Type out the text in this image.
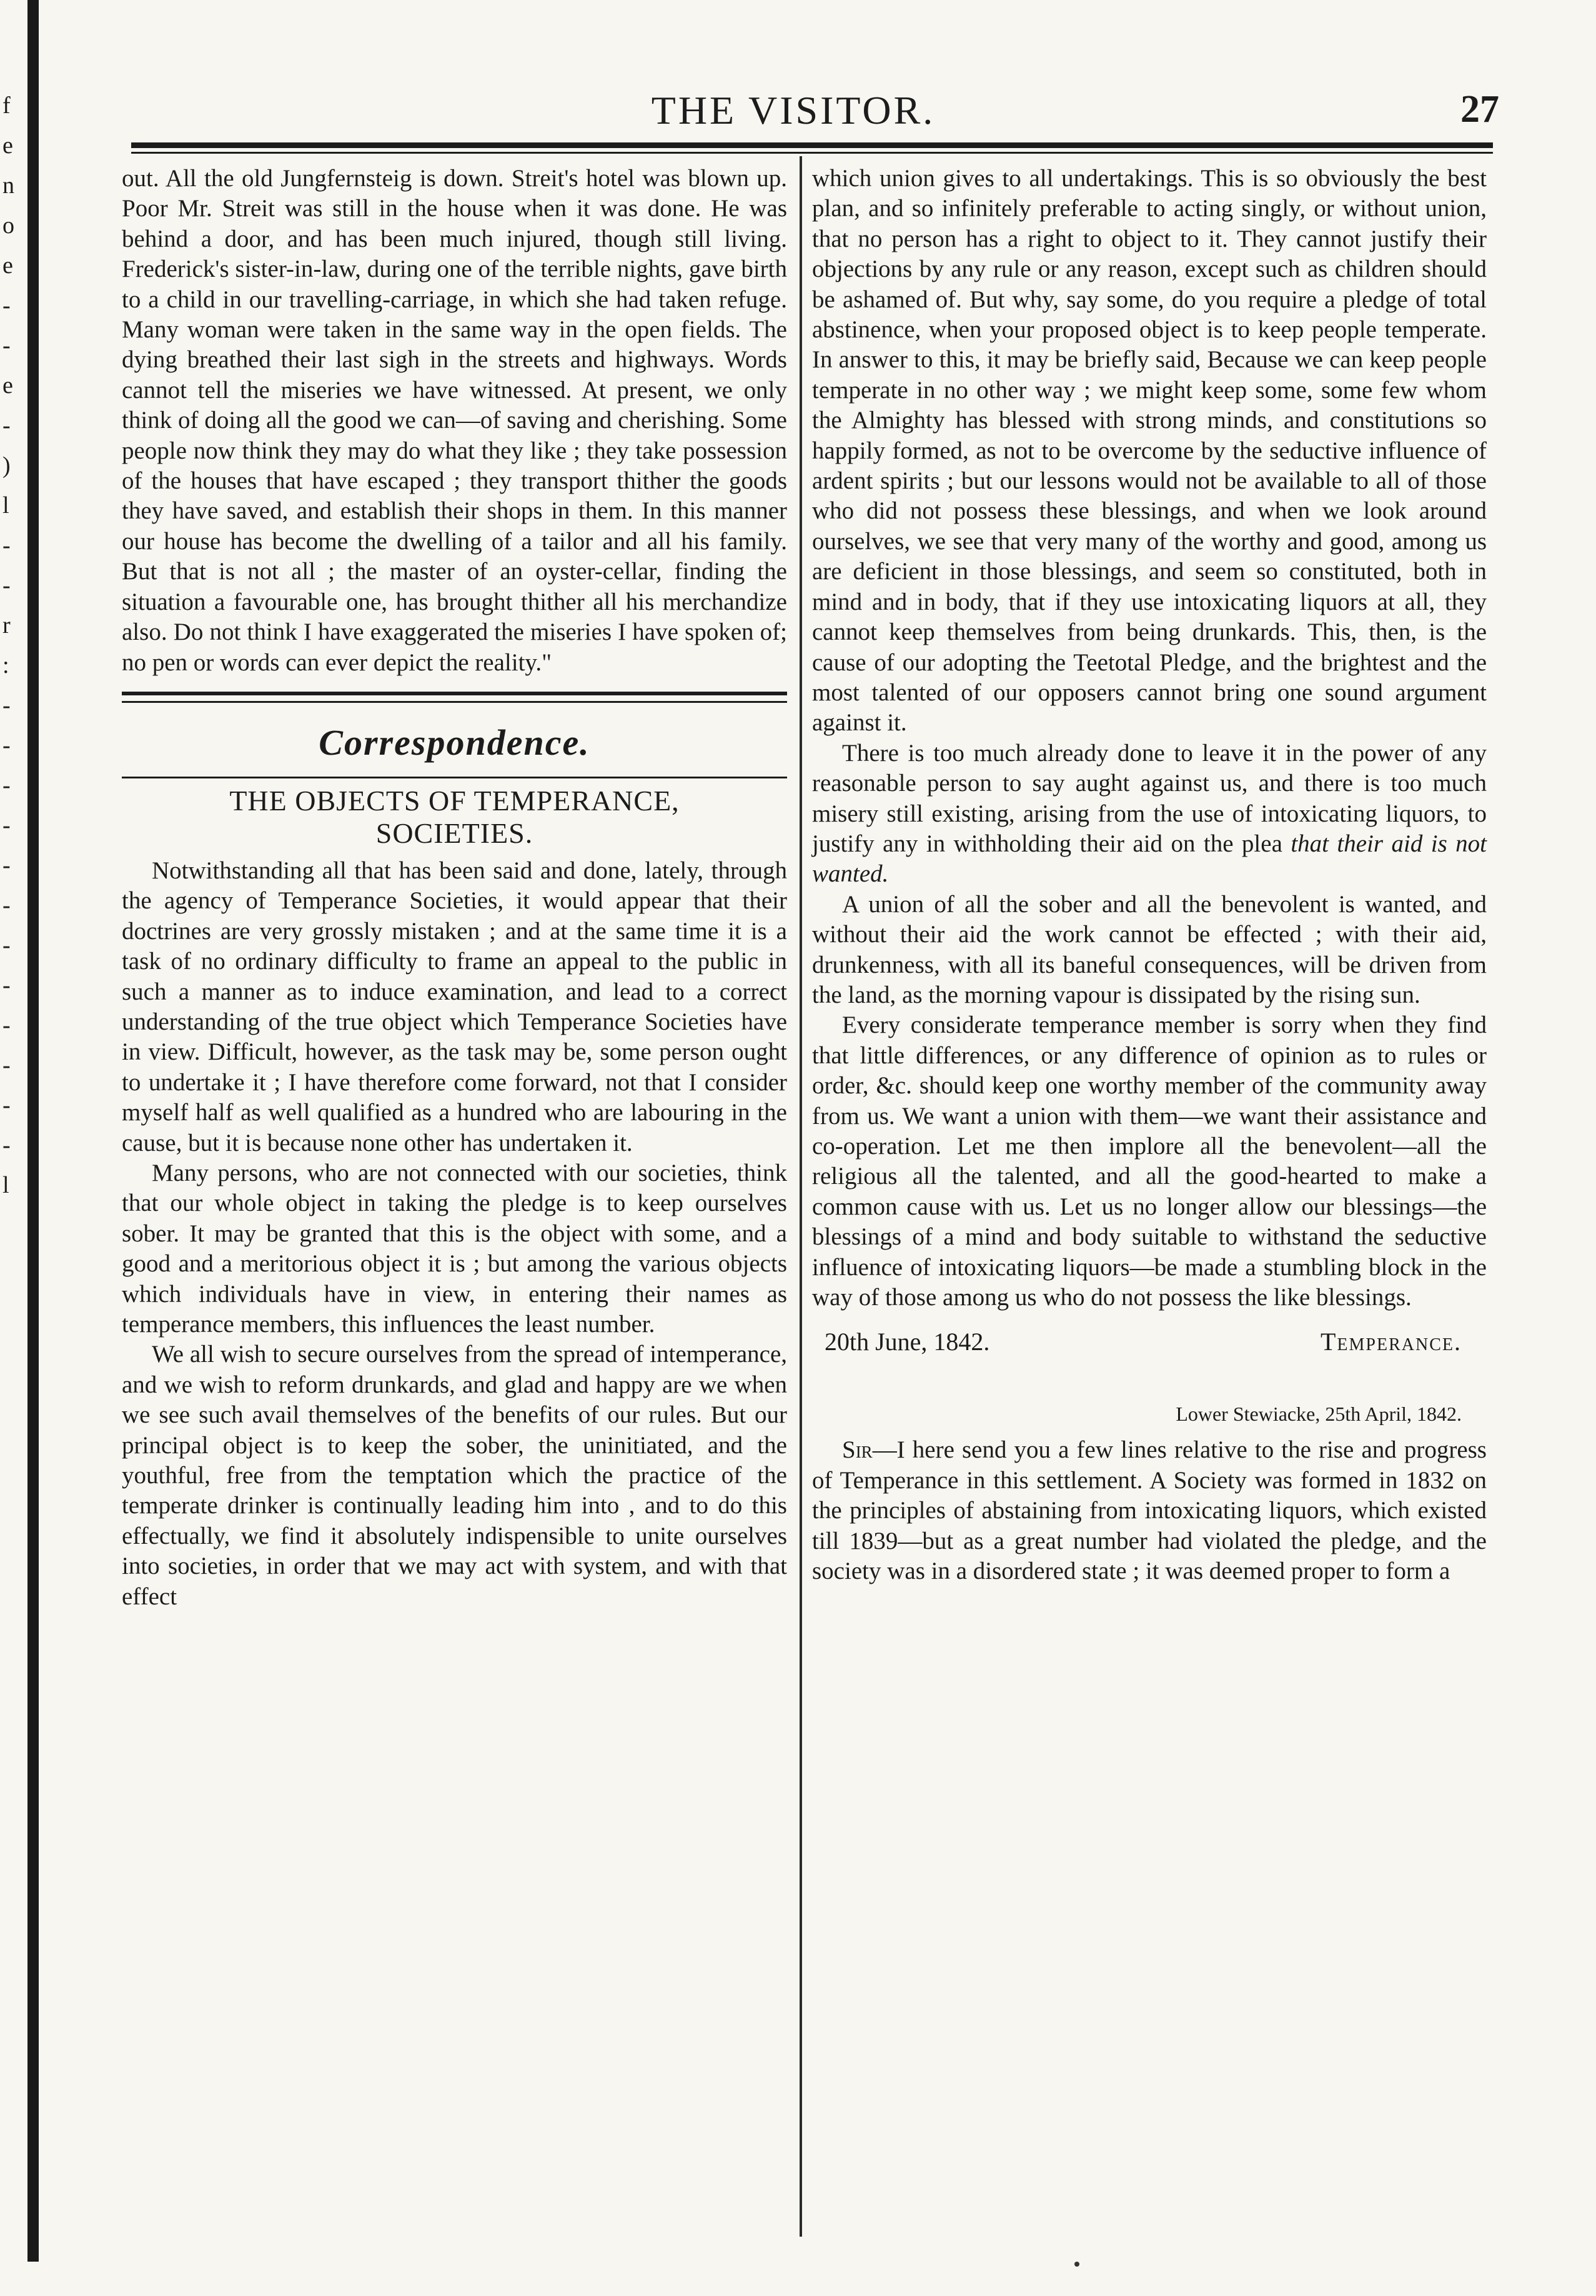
f
e
n
o
e
-
-
e
-
)
l
-
-
r
:
-
-
-
-
-
-
-
-
-
-
-
-
l
THE VISITOR.	27

out. All the old Jungfernsteig is down. Streit's hotel was blown up. Poor Mr. Streit was still in the house when it was done. He was behind a door, and has been much injured, though still living. Frederick's sister-in-law, during one of the terrible nights, gave birth to a child in our travelling-carriage, in which she had taken refuge. Many woman were taken in the same way in the open fields. The dying breathed their last sigh in the streets and highways. Words cannot tell the miseries we have witnessed. At present, we only think of doing all the good we can—of saving and cherishing. Some people now think they may do what they like ; they take possession of the houses that have escaped ; they transport thither the goods they have saved, and establish their shops in them. In this manner our house has become the dwelling of a tailor and all his family. But that is not all ; the master of an oyster-cellar, finding the situation a favourable one, has brought thither all his merchandize also. Do not think I have exaggerated the miseries I have spoken of; no pen or words can ever depict the reality."

Correspondence.
THE OBJECTS OF TEMPERANCE,
SOCIETIES.

Notwithstanding all that has been said and done, lately, through the agency of Temperance Societies, it would appear that their doctrines are very grossly mistaken ; and at the same time it is a task of no ordinary difficulty to frame an appeal to the public in such a manner as to induce examination, and lead to a correct understanding of the true object which Temperance Societies have in view. Difficult, however, as the task may be, some person ought to undertake it ; I have therefore come forward, not that I consider myself half as well qualified as a hundred who are labouring in the cause, but it is because none other has undertaken it.

Many persons, who are not connected with our societies, think that our whole object in taking the pledge is to keep ourselves sober. It may be granted that this is the object with some, and a good and a meritorious object it is ; but among the various objects which individuals have in view, in entering their names as temperance members, this influences the least number.

We all wish to secure ourselves from the spread of intemperance, and we wish to reform drunkards, and glad and happy are we when we see such avail themselves of the benefits of our rules. But our principal object is to keep the sober, the uninitiated, and the youthful, free from the temptation which the practice of the temperate drinker is continually leading him into , and to do this effectually, we find it absolutely indispensible to unite ourselves into societies, in order that we may act with system, and with that effect

which union gives to all undertakings. This is so obviously the best plan, and so infinitely preferable to acting singly, or without union, that no person has a right to object to it. They cannot justify their objections by any rule or any reason, except such as children should be ashamed of. But why, say some, do you require a pledge of total abstinence, when your proposed object is to keep people temperate. In answer to this, it may be briefly said, Because we can keep people temperate in no other way ; we might keep some, some few whom the Almighty has blessed with strong minds, and constitutions so happily formed, as not to be overcome by the seductive influence of ardent spirits ; but our lessons would not be available to all of those who did not possess these blessings, and when we look around ourselves, we see that very many of the worthy and good, among us are deficient in those blessings, and seem so constituted, both in mind and in body, that if they use intoxicating liquors at all, they cannot keep themselves from being drunkards. This, then, is the cause of our adopting the Teetotal Pledge, and the brightest and the most talented of our opposers cannot bring one sound argument against it.

There is too much already done to leave it in the power of any reasonable person to say aught against us, and there is too much misery still existing, arising from the use of intoxicating liquors, to justify any in withholding their aid on the plea that their aid is not wanted.

A union of all the sober and all the benevolent is wanted, and without their aid the work cannot be effected ; with their aid, drunkenness, with all its baneful consequences, will be driven from the land, as the morning vapour is dissipated by the rising sun.

Every considerate temperance member is sorry when they find that little differences, or any difference of opinion as to rules or order, &c. should keep one worthy member of the community away from us. We want a union with them—we want their assistance and co-operation. Let me then implore all the benevolent—all the religious all the talented, and all the good-hearted to make a common cause with us. Let us no longer allow our blessings—the blessings of a mind and body suitable to withstand the seductive influence of intoxicating liquors—be made a stumbling block in the way of those among us who do not possess the like blessings.

20th June, 1842.	Temperance.
Lower Stewiacke, 25th April, 1842.

Sir—I here send you a few lines relative to the rise and progress of Temperance in this settlement. A Society was formed in 1832 on the principles of abstaining from intoxicating liquors, which existed till 1839—but as a great number had violated the pledge, and the society was in a disordered state ; it was deemed proper to form a
